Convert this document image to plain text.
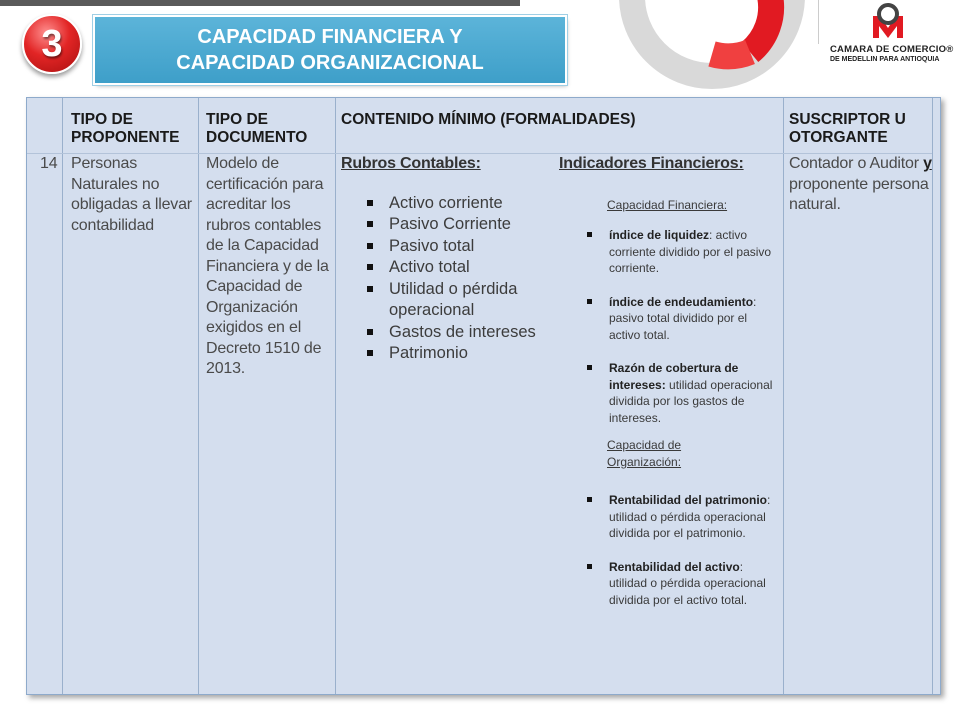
3	CAPACIDAD FINANCIERA Y
CAPACIDAD ORGANIZACIONAL
CAMARA DE COMERCIO®
DE MEDELLIN PARA ANTIOQUIA
TIPO DE PROPONENTE
TIPO DE DOCUMENTO
CONTENIDO MÍNIMO (FORMALIDADES)	SUSCRIPTOR U OTORGANTE
14 Personas Naturales no obligadas a llevar contabilidad
Modelo de certificación para acreditar los rubros contables de la Capacidad Financiera y de la Capacidad de Organización exigidos en el Decreto 1510 de 2013.
Rubros Contables:
Activo corriente
Pasivo Corriente
Pasivo total
Activo total
Utilidad o pérdida operacional
Gastos de intereses
Patrimonio
Indicadores Financieros:
Capacidad Financiera:
índice de liquidez: activo corriente dividido por el pasivo corriente.
índice de endeudamiento: pasivo total dividido por el activo total.
Razón de cobertura de intereses: utilidad operacional dividida por los gastos de intereses.
Capacidad de Organización:
Rentabilidad del patrimonio: utilidad o pérdida operacional dividida por el patrimonio.
Rentabilidad del activo: utilidad o pérdida operacional dividida por el activo total.
Contador o Auditor y proponente persona natural.
